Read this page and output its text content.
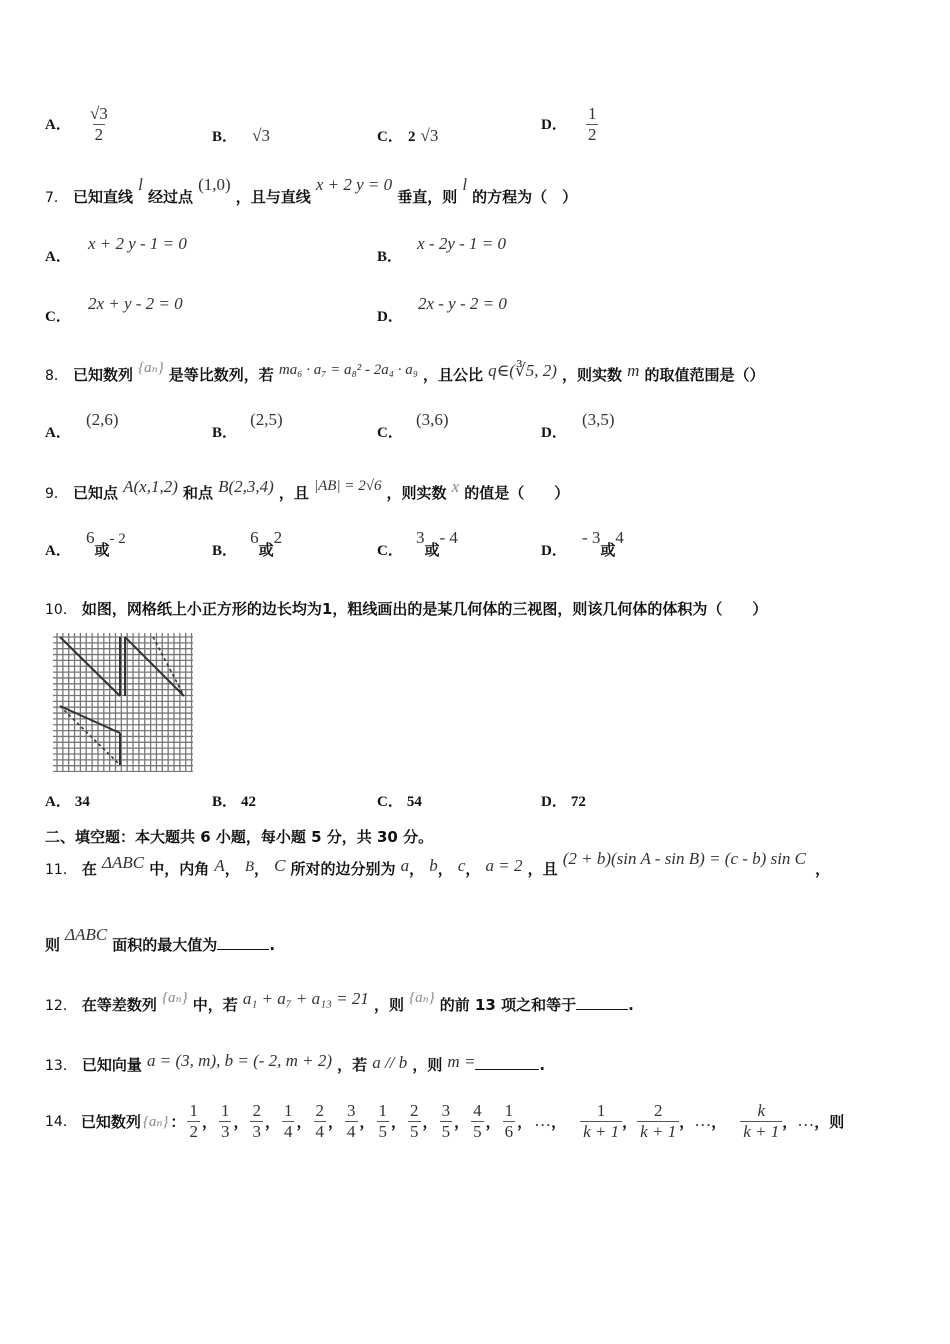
A． $\frac{√3}{2}$	B． √3	C． 2 √3
D． $\frac{1}{2}$
7． 已知直线 l 经过点 (1,0) ，且与直线 x + 2 y = 0 垂直，则 l 的方程为（　）
A． x + 2 y - 1 = 0
B． x - 2y - 1 = 0
C． 2x + y - 2 = 0
D． 2x - y - 2 = 0
8． 已知数列 {aₙ} 是等比数列，若 ma₆ · a₇ = a₈² - 2a₄ · a₉ ，且公比 q∈(∛5, 2) ，则实数 m 的取值范围是（）
A． (2,6)
B． (2,5)
C． (3,6)
D． (3,5)
9． 已知点 A(x,1,2) 和点 B(2,3,4) ，且 |AB| = 2√6 ，则实数 x 的值是（　　）
A． 6或- 2
B． 6或2
C． 3或- 4
D． - 3或4
10． 如图，网格纸上小正方形的边长均为1，粗线画出的是某几何体的三视图，则该几何体的体积为（　　）
A． 34	B． 42	C． 54	D． 72
二、填空题：本大题共 6 小题，每小题 5 分，共 30 分。
11． 在 ΔABC 中，内角 A， B， C 所对的边分别为 a， b， c， a = 2 ，且 (2 + b)(sin A - sin B) = (c - b) sin C ，
则 ΔABC 面积的最大值为	.
12． 在等差数列 {aₙ} 中，若 a₁ + a₇ + a₁₃ = 21 ，则 {aₙ} 的前 13 项之和等于	.
13． 已知向量 a = (3, m), b = (- 2, m + 2) ，若 a // b ，则 m =	.
14． 已知数列 {aₙ} ： $\frac{1}{2}$ ， $\frac{1}{3}$ ， $\frac{2}{3}$ ， $\frac{1}{4}$ ， $\frac{2}{4}$ ， $\frac{3}{4}$ ， $\frac{1}{5}$ ， $\frac{2}{5}$ ， $\frac{3}{5}$ ， $\frac{4}{5}$ ， $\frac{1}{6}$ ， … ， $\frac{1}{k + 1}$ ， $\frac{2}{k + 1}$ ， … ， $\frac{k}{k + 1}$ ， … ， 则
